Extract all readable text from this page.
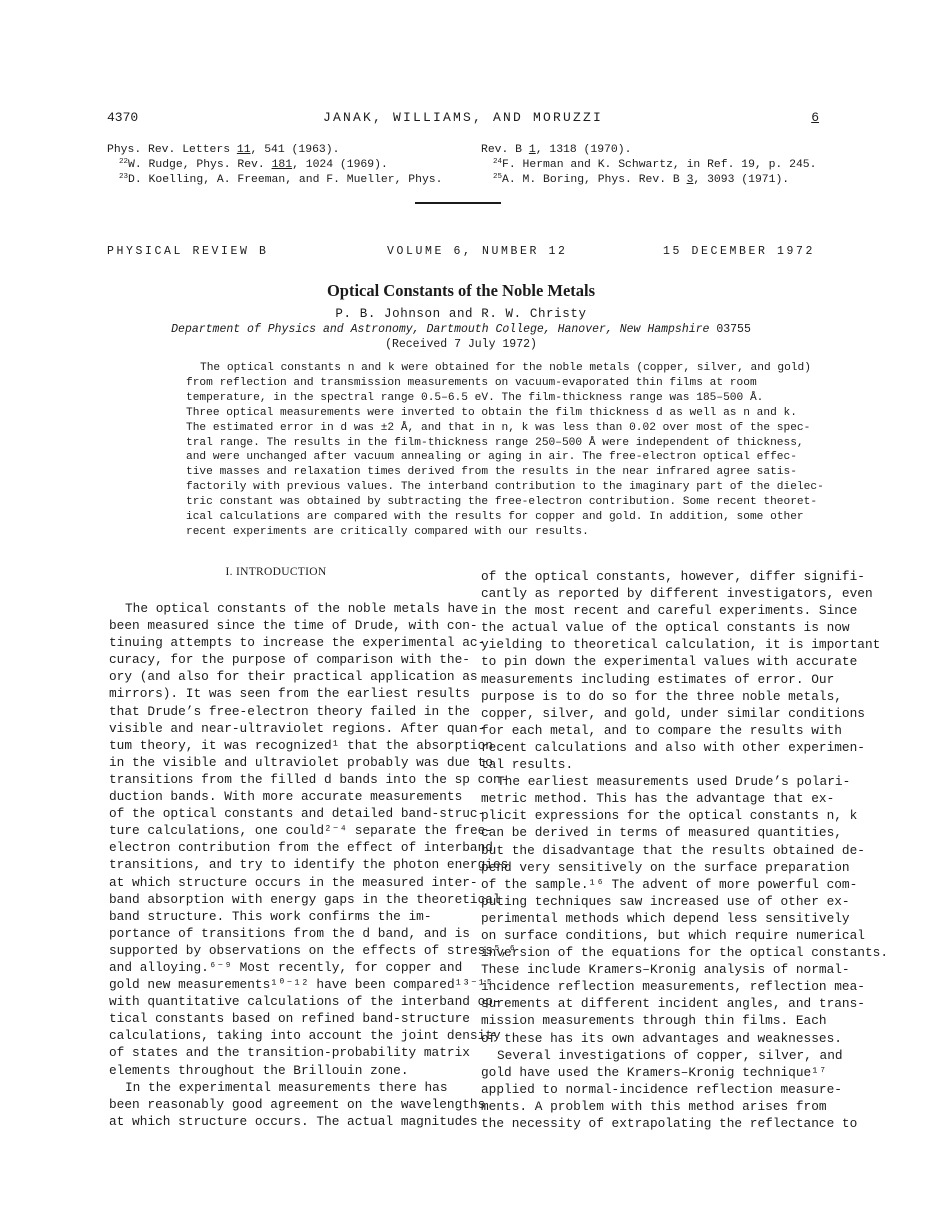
4370	JANAK, WILLIAMS, AND MORUZZI	6
Phys. Rev. Letters 11, 541 (1963).
$^{22}$W. Rudge, Phys. Rev. 181, 1024 (1969).
$^{23}$D. Koelling, A. Freeman, and F. Mueller, Phys.
Rev. B 1, 1318 (1970).
$^{24}$F. Herman and K. Schwartz, in Ref. 19, p. 245.
$^{25}$A. M. Boring, Phys. Rev. B 3, 3093 (1971).
PHYSICAL REVIEW B	VOLUME 6, NUMBER 12	15 DECEMBER 1972
Optical Constants of the Noble Metals
P. B. Johnson and R. W. Christy
Department of Physics and Astronomy, Dartmouth College, Hanover, New Hampshire 03755
(Received 7 July 1972)
The optical constants n and k were obtained for the noble metals (copper, silver, and gold)
from reflection and transmission measurements on vacuum-evaporated thin films at room
temperature, in the spectral range 0.5–6.5 eV. The film-thickness range was 185–500 Å.
Three optical measurements were inverted to obtain the film thickness d as well as n and k.
The estimated error in d was ±2 Å, and that in n, k was less than 0.02 over most of the spec-
tral range. The results in the film-thickness range 250–500 Å were independent of thickness,
and were unchanged after vacuum annealing or aging in air. The free-electron optical effec-
tive masses and relaxation times derived from the results in the near infrared agree satis-
factorily with previous values. The interband contribution to the imaginary part of the dielec-
tric constant was obtained by subtracting the free-electron contribution. Some recent theoret-
ical calculations are compared with the results for copper and gold. In addition, some other
recent experiments are critically compared with our results.
I. INTRODUCTION
The optical constants of the noble metals have
been measured since the time of Drude, with con-
tinuing attempts to increase the experimental ac-
curacy, for the purpose of comparison with the-
ory (and also for their practical application as
mirrors). It was seen from the earliest results
that Drude’s free-electron theory failed in the
visible and near-ultraviolet regions. After quan-
tum theory, it was recognized¹ that the absorption
in the visible and ultraviolet probably was due to
transitions from the filled d bands into the sp con-
duction bands. With more accurate measurements
of the optical constants and detailed band-struc-
ture calculations, one could²⁻⁴ separate the free-
electron contribution from the effect of interband
transitions, and try to identify the photon energies
at which structure occurs in the measured inter-
band absorption with energy gaps in the theoretical
band structure. This work confirms the im-
portance of transitions from the d band, and is
supported by observations on the effects of stress⁵,⁶
and alloying.⁶⁻⁹ Most recently, for copper and
gold new measurements¹⁰⁻¹² have been compared¹³⁻¹⁵
with quantitative calculations of the interband op-
tical constants based on refined band-structure
calculations, taking into account the joint density
of states and the transition-probability matrix
elements throughout the Brillouin zone.
In the experimental measurements there has
been reasonably good agreement on the wavelengths
at which structure occurs. The actual magnitudes
of the optical constants, however, differ signifi-
cantly as reported by different investigators, even
in the most recent and careful experiments. Since
the actual value of the optical constants is now
yielding to theoretical calculation, it is important
to pin down the experimental values with accurate
measurements including estimates of error. Our
purpose is to do so for the three noble metals,
copper, silver, and gold, under similar conditions
for each metal, and to compare the results with
recent calculations and also with other experimen-
tal results.
The earliest measurements used Drude’s polari-
metric method. This has the advantage that ex-
plicit expressions for the optical constants n, k
can be derived in terms of measured quantities,
but the disadvantage that the results obtained de-
pend very sensitively on the surface preparation
of the sample.¹⁶ The advent of more powerful com-
puting techniques saw increased use of other ex-
perimental methods which depend less sensitively
on surface conditions, but which require numerical
inversion of the equations for the optical constants.
These include Kramers–Kronig analysis of normal-
incidence reflection measurements, reflection mea-
surements at different incident angles, and trans-
mission measurements through thin films. Each
of these has its own advantages and weaknesses.
Several investigations of copper, silver, and
gold have used the Kramers–Kronig technique¹⁷
applied to normal-incidence reflection measure-
ments. A problem with this method arises from
the necessity of extrapolating the reflectance to
